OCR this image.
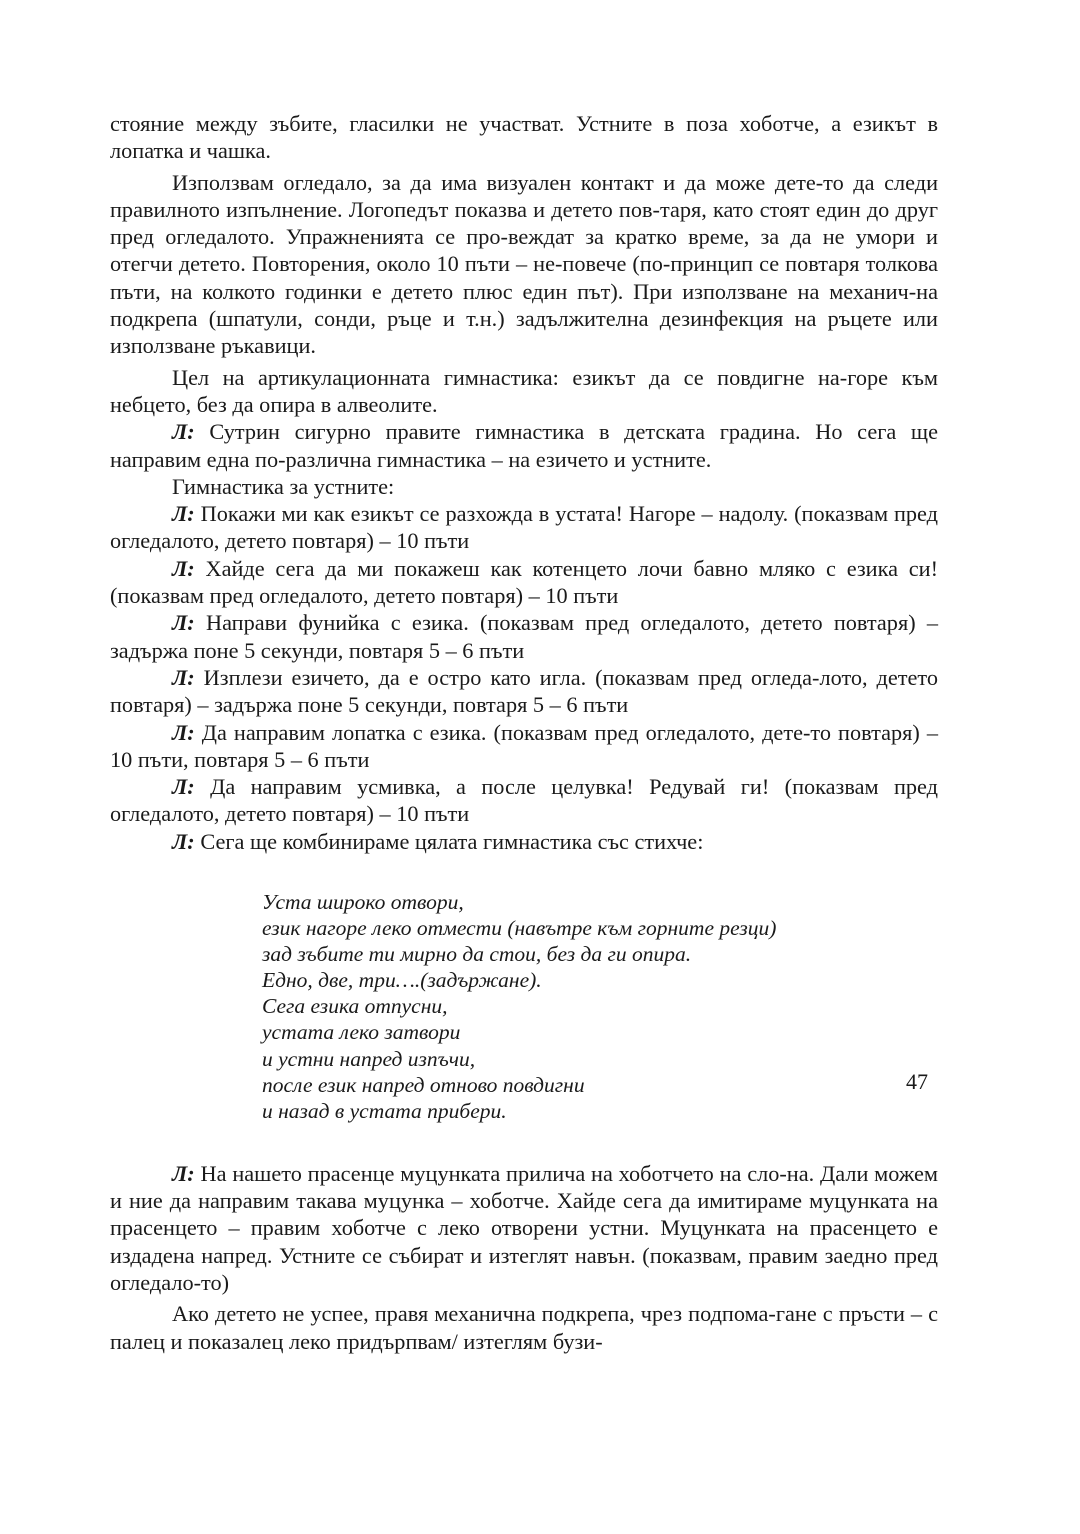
стояние между зъбите, гласилки не участват. Устните в поза хоботче, а езикът в лопатка и чашка.

Използвам огледало, за да има визуален контакт и да може дете-то да следи правилното изпълнение. Логопедът показва и детето пов-таря, като стоят един до друг пред огледалото. Упражненията се про-веждат за кратко време, за да не умори и отегчи детето. Повторения, около 10 пъти – не-повече (по-принцип се повтаря толкова пъти, на колкото годинки е детето плюс един път). При използване на механич-на подкрепа (шпатули, сонди, ръце и т.н.) задължителна дезинфекция на ръцете или използване ръкавици.

Цел на артикулационната гимнастика: езикът да се повдигне на-горе към небцето, без да опира в алвеолите.

Л: Сутрин сигурно правите гимнастика в детската градина. Но сега ще направим една по-различна гимнастика – на езичето и устните.

Гимнастика за устните:

Л: Покажи ми как езикът се разхожда в устата! Нагоре – надолу. (показвам пред огледалото, детето повтаря) – 10 пъти

Л: Хайде сега да ми покажеш как котенцето лочи бавно мляко с езика си! (показвам пред огледалото, детето повтаря) – 10 пъти

Л: Направи фунийка с езика. (показвам пред огледалото, детето повтаря) – задържа поне 5 секунди, повтаря 5 – 6 пъти

Л: Изплези езичето, да е остро като игла. (показвам пред огледа-лото, детето повтаря) – задържа поне 5 секунди, повтаря 5 – 6 пъти

Л: Да направим лопатка с езика. (показвам пред огледалото, дете-то повтаря) – 10 пъти, повтаря 5 – 6 пъти

Л: Да направим усмивка, а после целувка! Редувай ги! (показвам пред огледалото, детето повтаря) – 10 пъти

Л: Сега ще комбинираме цялата гимнастика със стихче:

Уста широко отвори,
език нагоре леко отмести (навътре към горните резци)
зад зъбите ти мирно да стои, без да ги опира.
Едно, две, три….(задържане).
Сега езика отпусни,
устата леко затвори
и устни напред изпъчи,
после език напред отново повдигни
и назад в устата прибери.

Л: На нашето прасенце муцунката прилича на хоботчето на сло-на. Дали можем и ние да направим такава муцунка – хоботче. Хайде сега да имитираме муцунката на прасенцето – правим хоботче с леко отворени устни. Муцунката на прасенцето е издадена напред. Устните се събират и изтеглят навън. (показвам, правим заедно пред огледало-то)

Ако детето не успее, правя механична подкрепа, чрез подпома-гане с пръсти – с палец и показалец леко придърпвам/ изтеглям бузи-

47
